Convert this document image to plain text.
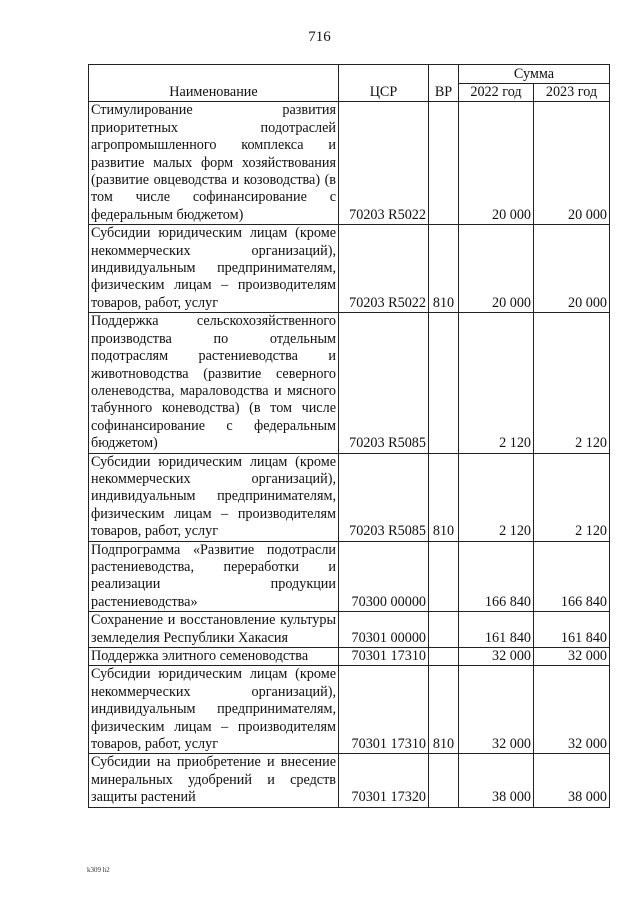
716
Наименование	ЦСР	ВР	Сумма	
			2022 год	2023 год
Стимулирование развития приоритетных подотраслей агропромышленного комплекса и развитие малых форм хозяйствования (развитие овцеводства и козоводства) (в том числе софинансирование с федеральным бюджетом)	70203 R5022		20 000	20 000
Субсидии юридическим лицам (кроме некоммерческих организаций), индивидуальным предпринимателям, физическим лицам – производителям товаров, работ, услуг	70203 R5022	810	20 000	20 000
Поддержка сельскохозяйственного производства по отдельным подотраслям растениеводства и животноводства (развитие северного оленеводства, мараловодства и мясного табунного коневодства) (в том числе софинансирование с федеральным бюджетом)	70203 R5085		2 120	2 120
Субсидии юридическим лицам (кроме некоммерческих организаций), индивидуальным предпринимателям, физическим лицам – производителям товаров, работ, услуг	70203 R5085	810	2 120	2 120
Подпрограмма «Развитие подотрасли растениеводства, переработки и реализации продукции растениеводства»	70300 00000		166 840	166 840
Сохранение и восстановление культуры земледелия Республики Хакасия	70301 00000		161 840	161 840
Поддержка элитного семеноводства	70301 17310		32 000	32 000
Субсидии юридическим лицам (кроме некоммерческих организаций), индивидуальным предпринимателям, физическим лицам – производителям товаров, работ, услуг	70301 17310	810	32 000	32 000
Субсидии на приобретение и внесение минеральных удобрений и средств защиты растений	70301 17320		38 000	38 000
k309 h2
